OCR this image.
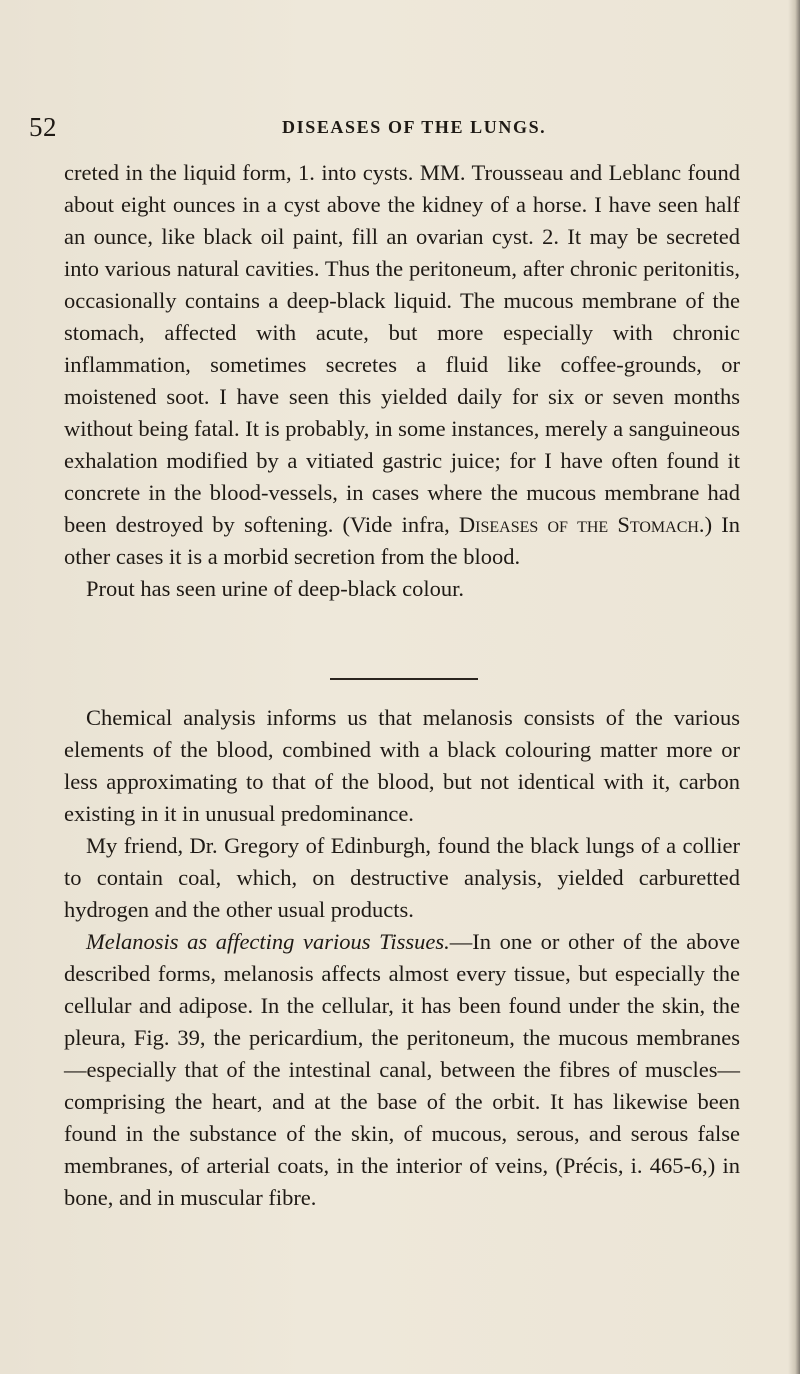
52	DISEASES OF THE LUNGS.

creted in the liquid form, 1. into cysts. MM. Trousseau and Leblanc found about eight ounces in a cyst above the kidney of a horse. I have seen half an ounce, like black oil paint, fill an ovarian cyst. 2. It may be secreted into various natural cavities. Thus the peritoneum, after chronic peritonitis, occasionally contains a deep-black liquid. The mucous membrane of the stomach, affected with acute, but more especially with chronic inflammation, sometimes secretes a fluid like coffee-grounds, or moistened soot. I have seen this yielded daily for six or seven months without being fatal. It is probably, in some instances, merely a sanguineous exhalation modified by a vitiated gastric juice; for I have often found it concrete in the blood-vessels, in cases where the mucous membrane had been destroyed by softening. (Vide infra, Diseases of the Stomach.) In other cases it is a morbid secretion from the blood.

Prout has seen urine of deep-black colour.

Chemical analysis informs us that melanosis consists of the various elements of the blood, combined with a black colouring matter more or less approximating to that of the blood, but not identical with it, carbon existing in it in unusual predominance.

My friend, Dr. Gregory of Edinburgh, found the black lungs of a collier to contain coal, which, on destructive analysis, yielded carburetted hydrogen and the other usual products.

Melanosis as affecting various Tissues.—In one or other of the above described forms, melanosis affects almost every tissue, but especially the cellular and adipose. In the cellular, it has been found under the skin, the pleura, Fig. 39, the pericardium, the peritoneum, the mucous membranes—especially that of the intestinal canal, between the fibres of muscles—comprising the heart, and at the base of the orbit. It has likewise been found in the substance of the skin, of mucous, serous, and serous false membranes, of arterial coats, in the interior of veins, (Précis, i. 465-6,) in bone, and in muscular fibre.
